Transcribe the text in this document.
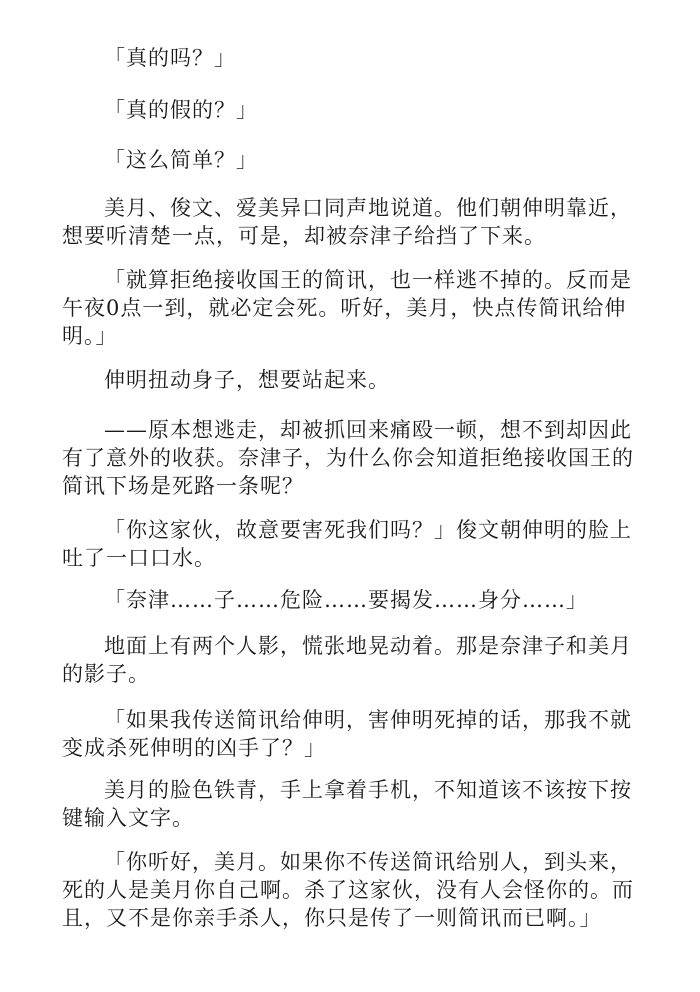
「真的吗？」

「真的假的？」

「这么简单？」

美月、俊文、爱美异口同声地说道。他们朝伸明靠近，想要听清楚一点，可是，却被奈津子给挡了下来。

「就算拒绝接收国王的简讯，也一样逃不掉的。反而是午夜0点一到，就必定会死。听好，美月，快点传简讯给伸明。」

伸明扭动身子，想要站起来。

——原本想逃走，却被抓回来痛殴一顿，想不到却因此有了意外的收获。奈津子，为什么你会知道拒绝接收国王的简讯下场是死路一条呢？

「你这家伙，故意要害死我们吗？」俊文朝伸明的脸上吐了一口口水。

「奈津……子……危险……要揭发……身分……」

地面上有两个人影，慌张地晃动着。那是奈津子和美月的影子。

「如果我传送简讯给伸明，害伸明死掉的话，那我不就变成杀死伸明的凶手了？」

美月的脸色铁青，手上拿着手机，不知道该不该按下按键输入文字。

「你听好，美月。如果你不传送简讯给别人，到头来，死的人是美月你自己啊。杀了这家伙，没有人会怪你的。而且，又不是你亲手杀人，你只是传了一则简讯而已啊。」
